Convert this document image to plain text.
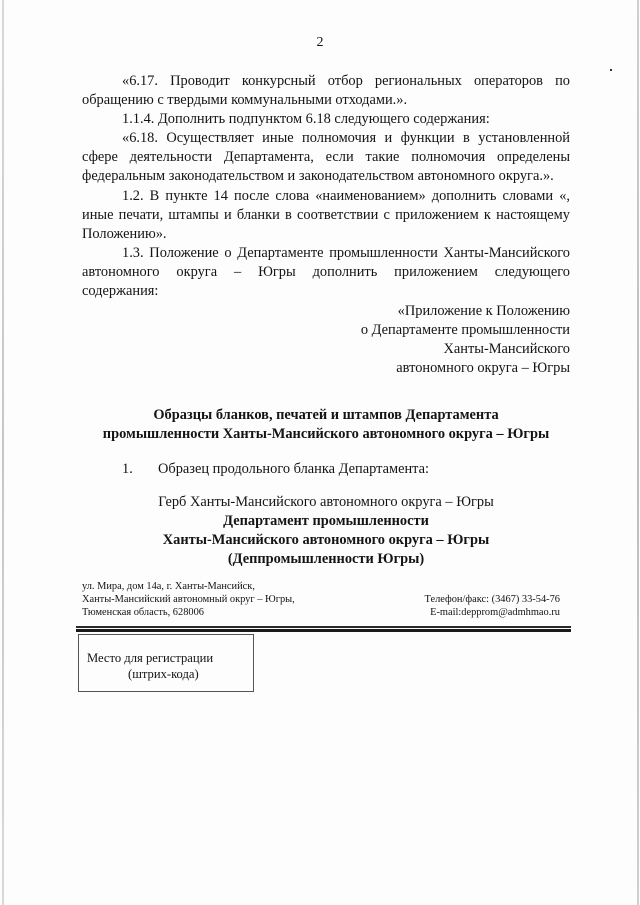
2

«6.17. Проводит конкурсный отбор региональных операторов по обращению с твердыми коммунальными отходами.».

1.1.4. Дополнить подпунктом 6.18 следующего содержания:

«6.18. Осуществляет иные полномочия и функции в установленной сфере деятельности Департамента, если такие полномочия определены федеральным законодательством и законодательством автономного округа.».

1.2. В пункте 14 после слова «наименованием» дополнить словами «, иные печати, штампы и бланки в соответствии с приложением к настоящему Положению».

1.3. Положение о Департаменте промышленности Ханты-Мансийского автономного округа – Югры дополнить приложением следующего содержания:

«Приложение к Положению
о Департаменте промышленности
Ханты-Мансийского
автономного округа – Югры

Образцы бланков, печатей и штампов Департамента
промышленности Ханты-Мансийского автономного округа – Югры
1. Образец продольного бланка Департамента:
Герб Ханты-Мансийского автономного округа – Югры
Департамент промышленности
Ханты-Мансийского автономного округа – Югры
(Деппромышленности Югры)
ул. Мира, дом 14а, г. Ханты-Мансийск,
Ханты-Мансийский автономный округ – Югры,
Тюменская область, 628006
Телефон/факс: (3467) 33-54-76
E-mail:depprom@admhmao.ru
Место для регистрации
(штрих-кода)
